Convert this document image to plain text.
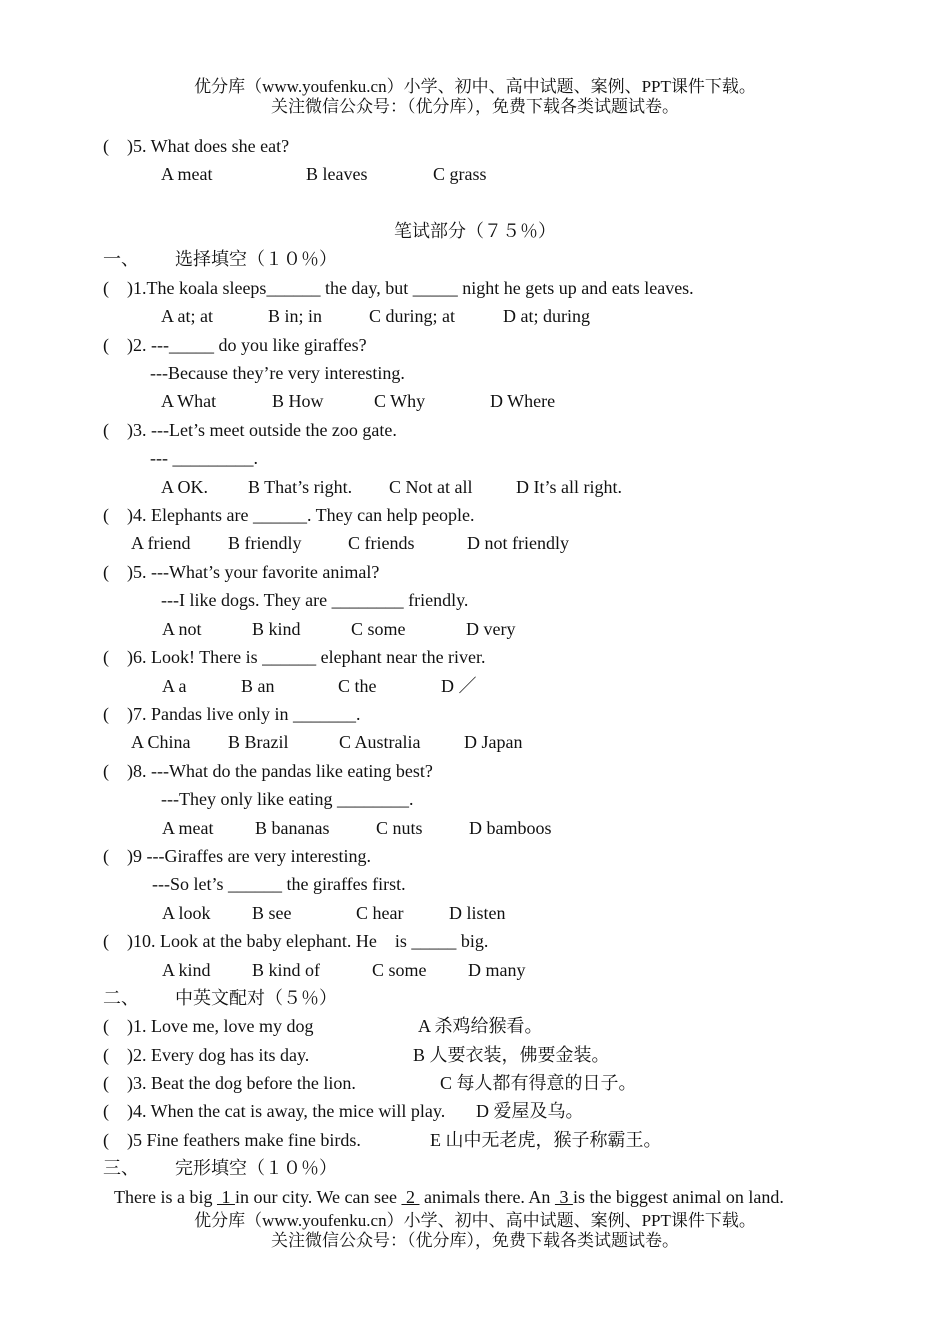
优分库（www.youfenku.cn）小学、初中、高中试题、案例、PPT课件下载。
关注微信公众号：（优分库），免费下载各类试题试卷。
(    )5. What does she eat?
A meat	B leaves	C grass
笔试部分（７５％）
一、        选择填空（１０％）
(    )1.The koala sleeps______ the day, but _____ night he gets up and eats leaves.
A at; at	B in; in	C during; at	D at; during
(    )2. ---_____ do you like giraffes?
---Because they’re very interesting.
A What	B How	C Why	D Where
(    )3. ---Let’s meet outside the zoo gate.
--- _________.
A OK. B That’s right. C Not at all D It’s all right.
(    )4. Elephants are ______. They can help people.
A friend B friendly	C friends	D not friendly
(    )5. ---What’s your favorite animal?
---I like dogs. They are ________ friendly.
A not	B kind	C some	D very
(    )6. Look! There is ______ elephant near the river.
A a	B an	C the	D ／
(    )7. Pandas live only in _______.
A China B Brazil	C Australia D Japan
(    )8. ---What do the pandas like eating best?
---They only like eating ________.
A meat B bananas	C nuts	D bamboos
(    )9 ---Giraffes are very interesting.
---So let’s ______ the giraffes first.
A look B see	C hear	D listen
(    )10. Look at the baby elephant. He    is _____ big.
A kind B kind of	C some D many
二、        中英文配对（５％）
(    )1. Love me, love my dog	A 杀鸡给猴看。
(    )2. Every dog has its day.	B 人要衣装，佛要金装。
(    )3. Beat the dog before the lion.	C 每人都有得意的日子。
(    )4. When the cat is away, the mice will play. D 爱屋及乌。
(    )5 Fine feathers make fine birds.	E 山中无老虎，猴子称霸王。
三、        完形填空（１０％）
There is a big  1 in our city. We can see  2  animals there. An  3 is the biggest animal on land.
优分库（www.youfenku.cn）小学、初中、高中试题、案例、PPT课件下载。
关注微信公众号：（优分库），免费下载各类试题试卷。
